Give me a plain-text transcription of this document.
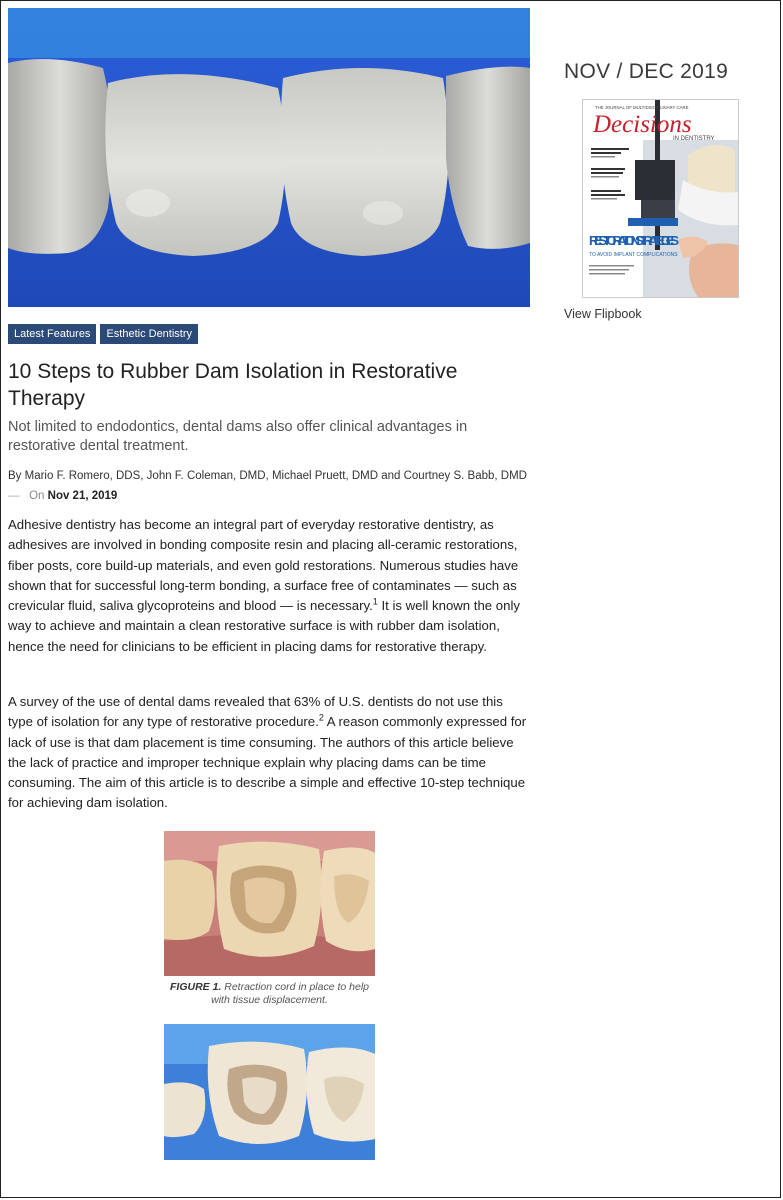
Latest Features	Esthetic Dentistry
10 Steps to Rubber Dam Isolation in Restorative Therapy

Not limited to endodontics, dental dams also offer clinical advantages in restorative dental treatment.

By Mario F. Romero, DDS, John F. Coleman, DMD, Michael Pruett, DMD and Courtney S. Babb, DMD— On Nov 21, 2019

Adhesive dentistry has become an integral part of everyday restorative dentistry, as adhesives are involved in bonding composite resin and placing all-ceramic restorations, fiber posts, core build-up materials, and even gold restorations. Numerous studies have shown that for successful long-term bonding, a surface free of contaminates — such as crevicular fluid, saliva glycoproteins and blood — is necessary.$^1$ It is well known the only way to achieve and maintain a clean restorative surface is with rubber dam isolation, hence the need for clinicians to be efficient in placing dams for restorative therapy.

A survey of the use of dental dams revealed that 63% of U.S. dentists do not use this type of isolation for any type of restorative procedure.$^2$ A reason commonly expressed for lack of use is that dam placement is time consuming. The authors of this article believe the lack of practice and improper technique explain why placing dams can be time consuming. The aim of this article is to describe a simple and effective 10-step technique for achieving dam isolation.

FIGURE 1. Retraction cord in place to help with tissue displacement.
NOV / DEC 2019
THE JOURNAL OF MULTIDISCIPLINARY CARE
Decisions
IN DENTISTRY
RESTORATION STRATEGIES
TO AVOID IMPLANT COMPLICATIONS
View Flipbook
